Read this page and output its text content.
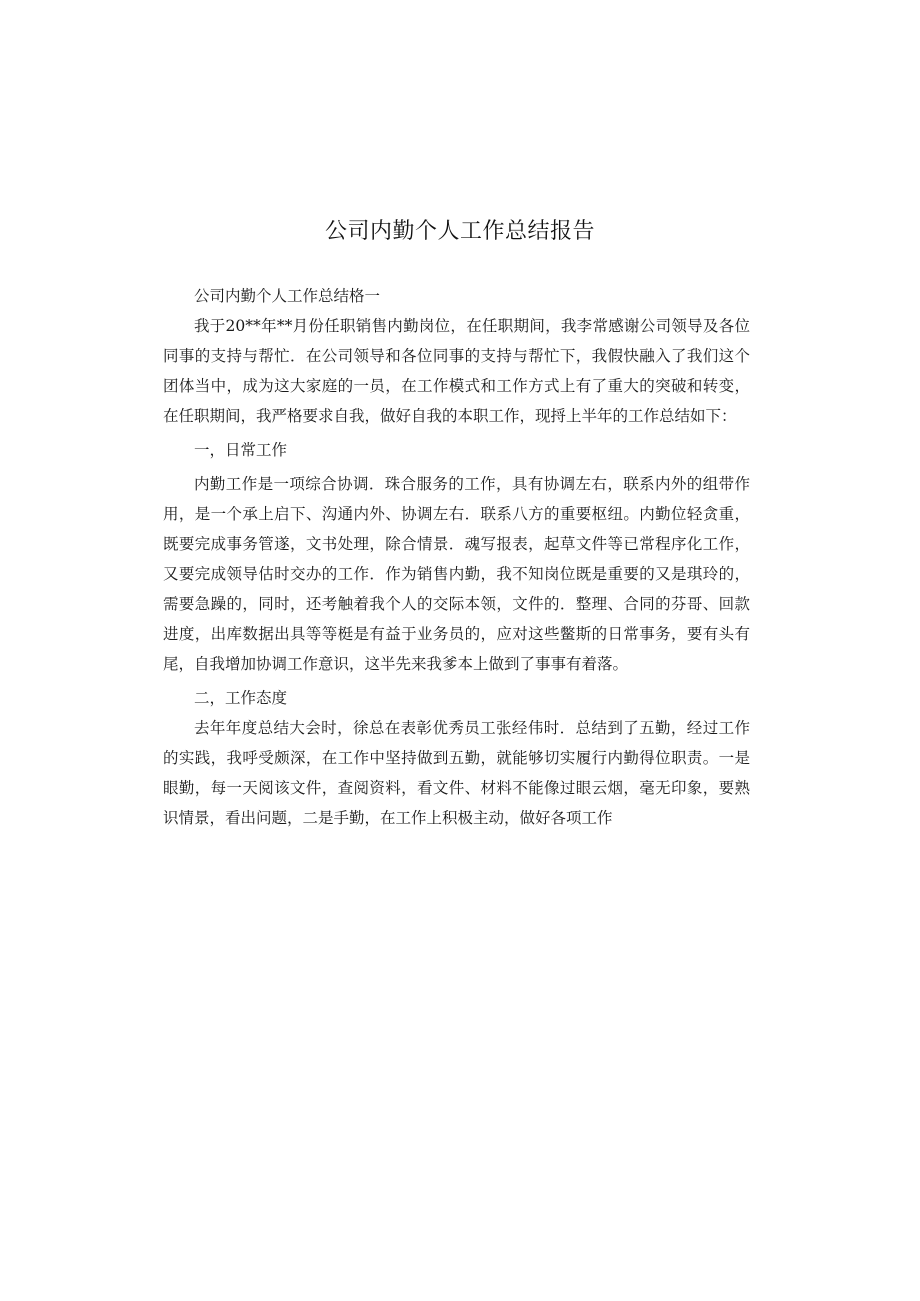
公司内勤个人工作总结报告

公司内勤个人工作总结格一

我于20**年**月份任职销售内勤岗位，在任职期间，我李常感谢公司领导及各位同事的支持与帮忙．在公司领导和各位同事的支持与帮忙下，我假快融入了我们这个团体当中，成为这大家庭的一员，在工作模式和工作方式上有了重大的突破和转变，在任职期间，我严格要求自我，做好自我的本职工作，现捋上半年的工作总结如下：

一，日常工作

内勤工作是一项综合协调．珠合服务的工作，具有协调左右，联系内外的组带作用，是一个承上启下、沟通内外、协调左右．联系八方的重要枢纽。内勤位轻贪重，既要完成事务管遂，文书处理，除合情景．魂写报表，起草文件等已常程序化工作，又要完成领导估时交办的工作．作为销售内勤，我不知岗位既是重要的又是琪玲的，需要急躁的，同时，还考触着我个人的交际本领，文件的．整理、合同的芬哥、回款进度，出库数据出具等等梃是有益于业务员的，应对这些鳖斯的日常事务，要有头有尾，自我增加协调工作意识，这半先来我爹本上做到了事事有着落。

二，工作态度

去年年度总结大会时，徐总在表彰优秀员工张经伟时．总结到了五勤，经过工作的实践，我呼受颇深，在工作中坚持做到五勤，就能够切实履行内勤得位职责。一是眼勤，每一天阅该文件，查阅资料，看文件、材料不能像过眼云烟，毫无印象，要熟识情景，看出问题，二是手勤，在工作上积极主动，做好各项工作
